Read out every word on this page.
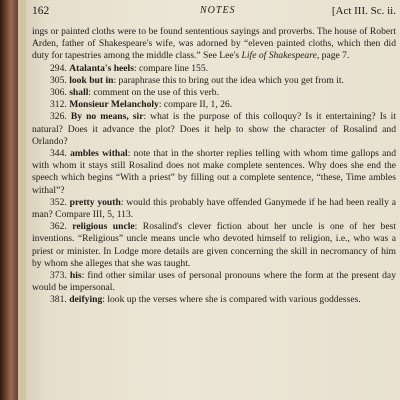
162	NOTES	[Act III. Sc. ii.

ings or painted cloths were to be found sententious sayings and proverbs. The house of Robert Arden, father of Shakespeare's wife, was adorned by “eleven painted cloths, which then did duty for tapestries among the middle class.” See Lee's Life of Shakespeare, page 7.

294. Atalanta's heels: compare line 155.

305. look but in: paraphrase this to bring out the idea which you get from it.

306. shall: comment on the use of this verb.

312. Monsieur Melancholy: compare II, 1, 26.

326. By no means, sir: what is the purpose of this colloquy? Is it entertaining? Is it natural? Does it advance the plot? Does it help to show the character of Rosalind and Orlando?

344. ambles withal: note that in the shorter replies telling with whom time gallops and with whom it stays still Rosalind does not make complete sentences. Why does she end the speech which begins “With a priest” by filling out a complete sentence, “these, Time ambles withal”?

352. pretty youth: would this probably have offended Ganymede if he had been really a man? Compare III, 5, 113.

362. religious uncle: Rosalind's clever fiction about her uncle is one of her best inventions. “Religious” uncle means uncle who devoted himself to religion, i.e., who was a priest or minister. In Lodge more details are given concerning the skill in necromancy of him by whom she alleges that she was taught.

373. his: find other similar uses of personal pronouns where the form at the present day would be impersonal.

381. deifying: look up the verses where she is compared with various goddesses.
